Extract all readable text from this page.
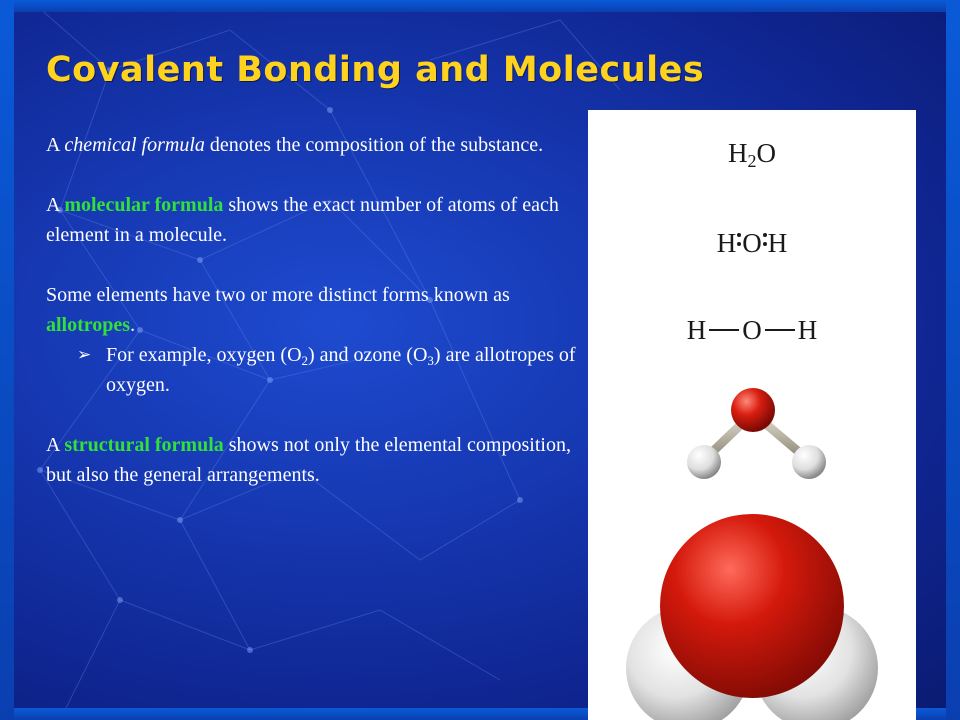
Covalent Bonding and Molecules

A chemical formula denotes the composition of the substance.

A molecular formula shows the exact number of atoms of each element in a molecule.

Some elements have two or more distinct forms known as allotropes.

➢ For example, oxygen $(O_2)$ and ozone $(O_3)$ are allotropes of oxygen.

A structural formula shows not only the elemental composition, but also the general arrangements.

$H_2O$
H O H
H O H
